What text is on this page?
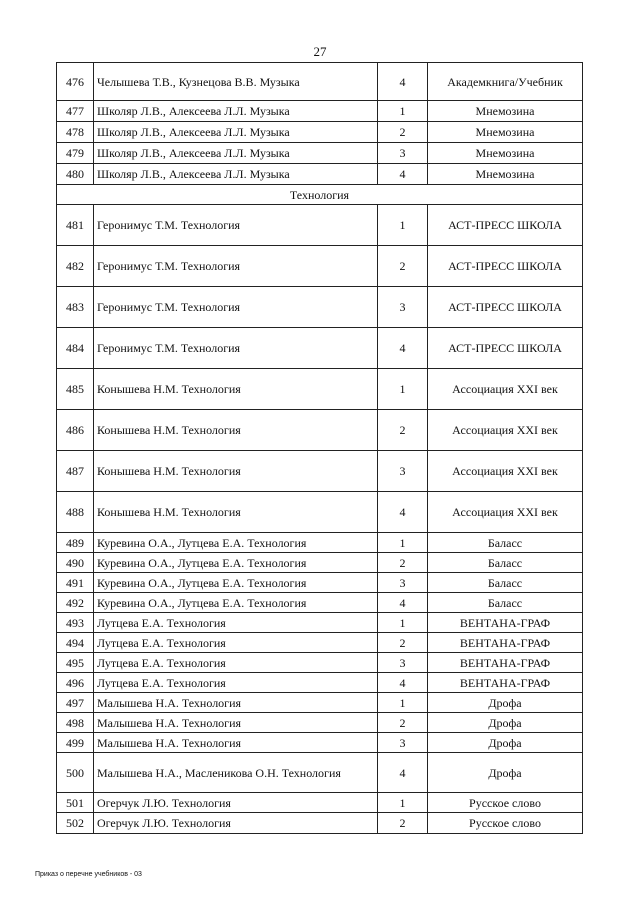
27
476	Челышева Т.В., Кузнецова В.В. Музыка	4	Академкнига/Учебник
477	Школяр Л.В., Алексеева Л.Л. Музыка	1	Мнемозина
478	Школяр Л.В., Алексеева Л.Л. Музыка	2	Мнемозина
479	Школяр Л.В., Алексеева Л.Л. Музыка	3	Мнемозина
480	Школяр Л.В., Алексеева Л.Л. Музыка	4	Мнемозина
Технология			
481	Геронимус Т.М. Технология	1	АСТ-ПРЕСС ШКОЛА
482	Геронимус Т.М. Технология	2	АСТ-ПРЕСС ШКОЛА
483	Геронимус Т.М. Технология	3	АСТ-ПРЕСС ШКОЛА
484	Геронимус Т.М. Технология	4	АСТ-ПРЕСС ШКОЛА
485	Конышева Н.М. Технология	1	Ассоциация XXI век
486	Конышева Н.М. Технология	2	Ассоциация XXI век
487	Конышева Н.М. Технология	3	Ассоциация XXI век
488	Конышева Н.М. Технология	4	Ассоциация XXI век
489	Куревина О.А., Лутцева Е.А. Технология	1	Баласс
490	Куревина О.А., Лутцева Е.А. Технология	2	Баласс
491	Куревина О.А., Лутцева Е.А. Технология	3	Баласс
492	Куревина О.А., Лутцева Е.А. Технология	4	Баласс
493	Лутцева Е.А. Технология	1	ВЕНТАНА-ГРАФ
494	Лутцева Е.А. Технология	2	ВЕНТАНА-ГРАФ
495	Лутцева Е.А. Технология	3	ВЕНТАНА-ГРАФ
496	Лутцева Е.А. Технология	4	ВЕНТАНА-ГРАФ
497	Малышева Н.А. Технология	1	Дрофа
498	Малышева Н.А. Технология	2	Дрофа
499	Малышева Н.А. Технология	3	Дрофа
500	Малышева Н.А., Масленикова О.Н. Технология	4	Дрофа
501	Огерчук Л.Ю. Технология	1	Русское слово
502	Огерчук Л.Ю. Технология	2	Русское слово
Приказ о перечне учебников - 03
